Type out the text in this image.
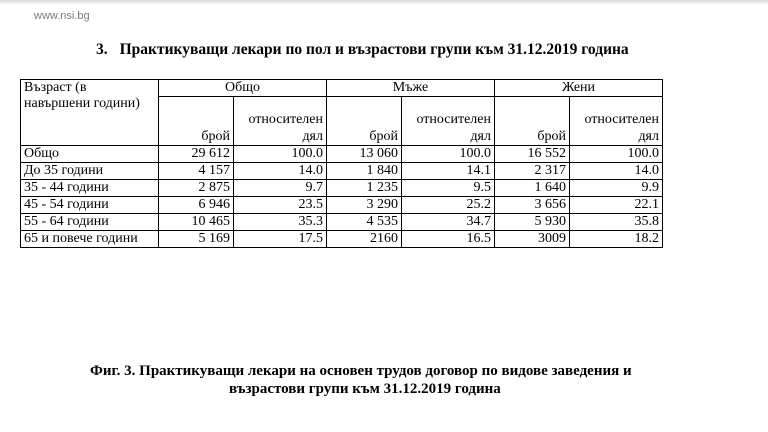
www.nsi.bg
3. Практикуващи лекари по пол и възрастови групи към 31.12.2019 година
Възраст (в навършени години)	Общо		Мъже		Жени	
	брой	относителен дял	брой	относителен дял	брой	относителен дял
Общо	29 612	100.0	13 060	100.0	16 552	100.0
До 35 години	4 157	14.0	1 840	14.1	2 317	14.0
35 - 44 години	2 875	9.7	1 235	9.5	1 640	9.9
45 - 54 години	6 946	23.5	3 290	25.2	3 656	22.1
55 - 64 години	10 465	35.3	4 535	34.7	5 930	35.8
65 и повече години	5 169	17.5	2160	16.5	3009	18.2
Фиг. 3. Практикуващи лекари на основен трудов договор по видове заведения и
възрастови групи към 31.12.2019 година
